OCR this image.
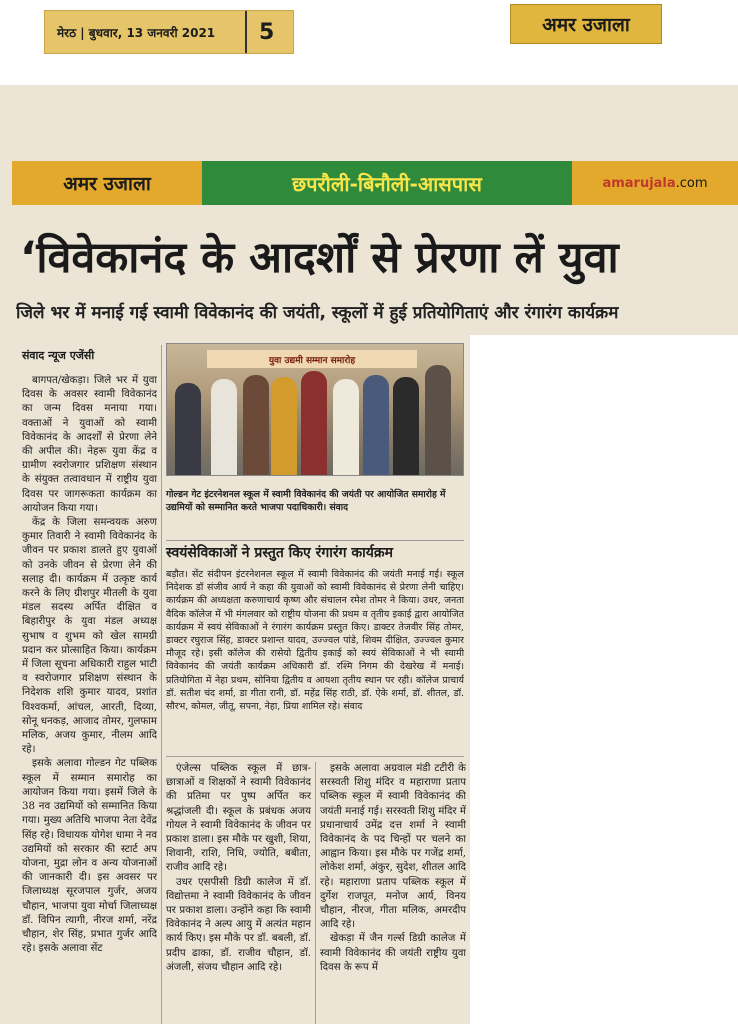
मेरठ | बुधवार, 13 जनवरी 2021	5	अमर उजाला
अमर उजाला	छपरौली-बिनौली-आसपास	amarujala .com
‘विवेकानंद के आदर्शों से प्रेरणा लें युवा
जिले भर में मनाई गई स्वामी विवेकानंद की जयंती, स्कूलों में हुई प्रतियोगिताएं और रंगारंग कार्यक्रम
संवाद न्यूज एजेंसी

बागपत/खेकड़ा। जिले भर में युवा दिवस के अवसर स्वामी विवेकानंद का जन्म दिवस मनाया गया। वक्ताओं ने युवाओं को स्वामी विवेकानंद के आदर्शों से प्रेरणा लेने की अपील की। नेहरू युवा केंद्र व ग्रामीण स्वरोजगार प्रशिक्षण संस्थान के संयुक्त तत्वावधान में राष्ट्रीय युवा दिवस पर जागरूकता कार्यक्रम का आयोजन किया गया।

केंद्र के जिला समन्वयक अरुण कुमार तिवारी ने स्वामी विवेकानंद के जीवन पर प्रकाश डालते हुए युवाओं को उनके जीवन से प्रेरणा लेने की सलाह दी। कार्यक्रम में उत्कृष्ट कार्य करने के लिए ग्रीशपुर मीतली के युवा मंडल सदस्य अर्पित दीक्षित व बिहारीपुर के युवा मंडल अध्यक्ष सुभाष व शुभम को खेल सामग्री प्रदान कर प्रोत्साहित किया। कार्यक्रम में जिला सूचना अधिकारी राहुल भाटी व स्वरोजगार प्रशिक्षण संस्थान के निदेशक शशि कुमार यादव, प्रशांत विश्वकर्मा, आंचल, आरती, दिव्या, सोनू धनकड़, आजाद तोमर, गुलफाम मलिक, अजय कुमार, नीलम आदि रहे।

इसके अलावा गोल्डन गेट पब्लिक स्कूल में सम्मान समारोह का आयोजन किया गया। इसमें जिले के 38 नव उद्यमियों को सम्मानित किया गया। मुख्य अतिथि भाजपा नेता देवेंद्र सिंह रहे। विधायक योगेश धामा ने नव उद्यमियों को सरकार की स्टार्ट अप योजना, मुद्रा लोन व अन्य योजनाओं की जानकारी दी। इस अवसर पर जिलाध्यक्ष सूरजपाल गुर्जर, अजय चौहान, भाजपा युवा मोर्चा जिलाध्यक्ष डॉ. विपिन त्यागी, नीरज शर्मा, नरेंद्र चौहान, शेर सिंह, प्रभात गुर्जर आदि रहे। इसके अलावा सेंट

युवा उद्यमी सम्मान समारोह
गोल्डन गेट इंटरनेशनल स्कूल में स्वामी विवेकानंद की जयंती पर आयोजित समारोह में उद्यमियों को सम्मानित करते भाजपा पदाधिकारी। संवाद
स्वयंसेविकाओं ने प्रस्तुत किए रंगारंग कार्यक्रम
बड़ौत। सेंट संदीपन इंटरनेशनल स्कूल में स्वामी विवेकानंद की जयंती मनाई गई। स्कूल निदेशक डॉ संजीव आर्य ने कहा की युवाओं को स्वामी विवेकानंद से प्रेरणा लेनी चाहिए। कार्यक्रम की अध्यक्षता करुणाचार्य कृष्ण और संचालन रमेश तोमर ने किया। उधर, जनता वैदिक कॉलेज में भी मंगलवार को राष्ट्रीय योजना की प्रथम व तृतीय इकाई द्वारा आयोजित कार्यक्रम में स्वयं सेविकाओं ने रंगारंग कार्यक्रम प्रस्तुत किए। डाक्टर तेजवीर सिंह तोमर, डाक्टर रघुराज सिंह, डाक्टर प्रशान्त यादव, उज्ज्वल पांडे, शिवम दीक्षित, उज्ज्वल कुमार मौजूद रहे। इसी कॉलेज की रासेयो द्वितीय इकाई को स्वयं सेविकाओं ने भी स्वामी विवेकानंद की जयंती कार्यक्रम अधिकारी डॉ. रश्मि निगम की देखरेख में मनाई। प्रतियोगिता में नेहा प्रथम, सोनिया द्वितीय व आयशा तृतीय स्थान पर रही। कॉलेज प्राचार्य डॉ. सतीश चंद शर्मा, डा गीता रानी, डॉ. महेंद्र सिंह राठी, डॉ. ऐके शर्मा, डॉ. शीतल, डॉ. सौरभ, कोमल, जीतू, सपना, नेहा, प्रिया शामिल रहे। संवाद

एंजेल्स पब्लिक स्कूल में छात्र-छात्राओं व शिक्षकों ने स्वामी विवेकानंद की प्रतिमा पर पुष्प अर्पित कर श्रद्धांजली दी। स्कूल के प्रबंधक अजय गोयल ने स्वामी विवेकानंद के जीवन पर प्रकाश डाला। इस मौके पर खुशी, शिया, शिवानी, राशि, निधि, ज्योति, बबीता, राजीव आदि रहे।

उधर एसपीसी डिग्री कालेज में डॉ. विद्योत्तमा ने स्वामी विवेकानंद के जीवन पर प्रकाश डाला। उन्होंने कहा कि स्वामी विवेकानंद ने अल्प आयु में अत्यंत महान कार्य किए। इस मौके पर डॉ. बबली, डॉ. प्रदीप ढाका, डॉ. राजीव चौहान, डॉ. अंजली, संजय चौहान आदि रहे।

इसके अलावा अग्रवाल मंडी टटीरी के सरस्वती शिशु मंदिर व महाराणा प्रताप पब्लिक स्कूल में स्वामी विवेकानंद की जयंती मनाई गई। सरस्वती शिशु मंदिर में प्रधानाचार्य उमेंद्र दत्त शर्मा ने स्वामी विवेकानंद के पद चिन्हों पर चलने का आह्वान किया। इस मौके पर गजेंद्र शर्मा, लोकेश शर्मा, अंकुर, सुदेश, शीतल आदि रहे। महाराणा प्रताप पब्लिक स्कूल में दुर्गेश राजपूत, मनोज आर्य, विनय चौहान, नीरज, गीता मलिक, अमरदीप आदि रहे।

खेकड़ा में जैन गर्ल्स डिग्री कालेज में स्वामी विवेकानंद की जयंती राष्ट्रीय युवा दिवस के रूप में
